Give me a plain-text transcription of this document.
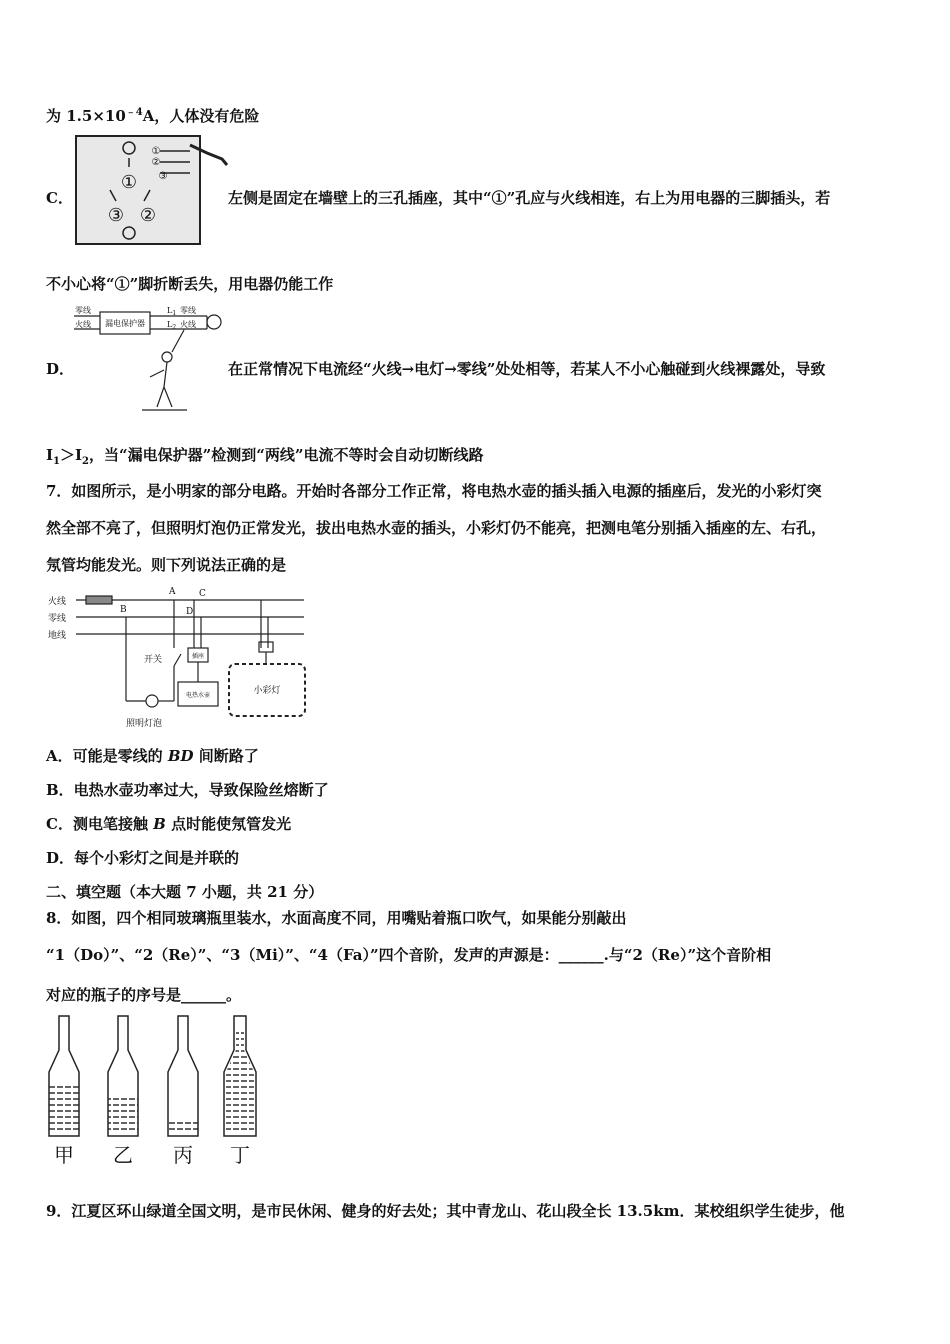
为 $1.5\times 10^{﹣4}A$，人体没有危险
C．
①
③ ②
①
②
③
左侧是固定在墙壁上的三孔插座，其中“①”孔应与火线相连，右上为用电器的三脚插头，若
不小心将“①”脚折断丢失，用电器仍能工作
D．
零线
火线 漏电保护器
$L_1$
$L_2$
零线
火线
在正常情况下电流经“火线→电灯→零线”处处相等，若某人不小心触碰到火线裸露处，导致
$I_1>I_2$，当“漏电保护器”检测到“两线”电流不等时会自动切断线路
7．如图所示，是小明家的部分电路。开始时各部分工作正常，将电热水壶的插头插入电源的插座后，发光的小彩灯突
然全部不亮了，但照明灯泡仍正常发光，拔出电热水壶的插头，小彩灯仍不能亮，把测电笔分别插入插座的左、右孔，
氖管均能发光。则下列说法正确的是
火线
零线
地线
A
B
C
D
开关	插座
电热水壶	小彩灯
照明灯泡
A．可能是零线的 BD 间断路了
B．电热水壶功率过大，导致保险丝熔断了
C．测电笔接触 B 点时能使氖管发光
D．每个小彩灯之间是并联的
二、填空题（本大题 7 小题，共 21 分）
8．如图，四个相同玻璃瓶里装水，水面高度不同，用嘴贴着瓶口吹气，如果能分别敲出
“1（Do）”、“2（Re）”、“3（Mi）”、“4（Fa）”四个音阶，发声的声源是：______.与“2（Re）”这个音阶相
对应的瓶子的序号是______。
甲 乙 丙 丁
9．江夏区环山绿道全国文明，是市民休闲、健身的好去处；其中青龙山、花山段全长 13.5km．某校组织学生徒步，他
